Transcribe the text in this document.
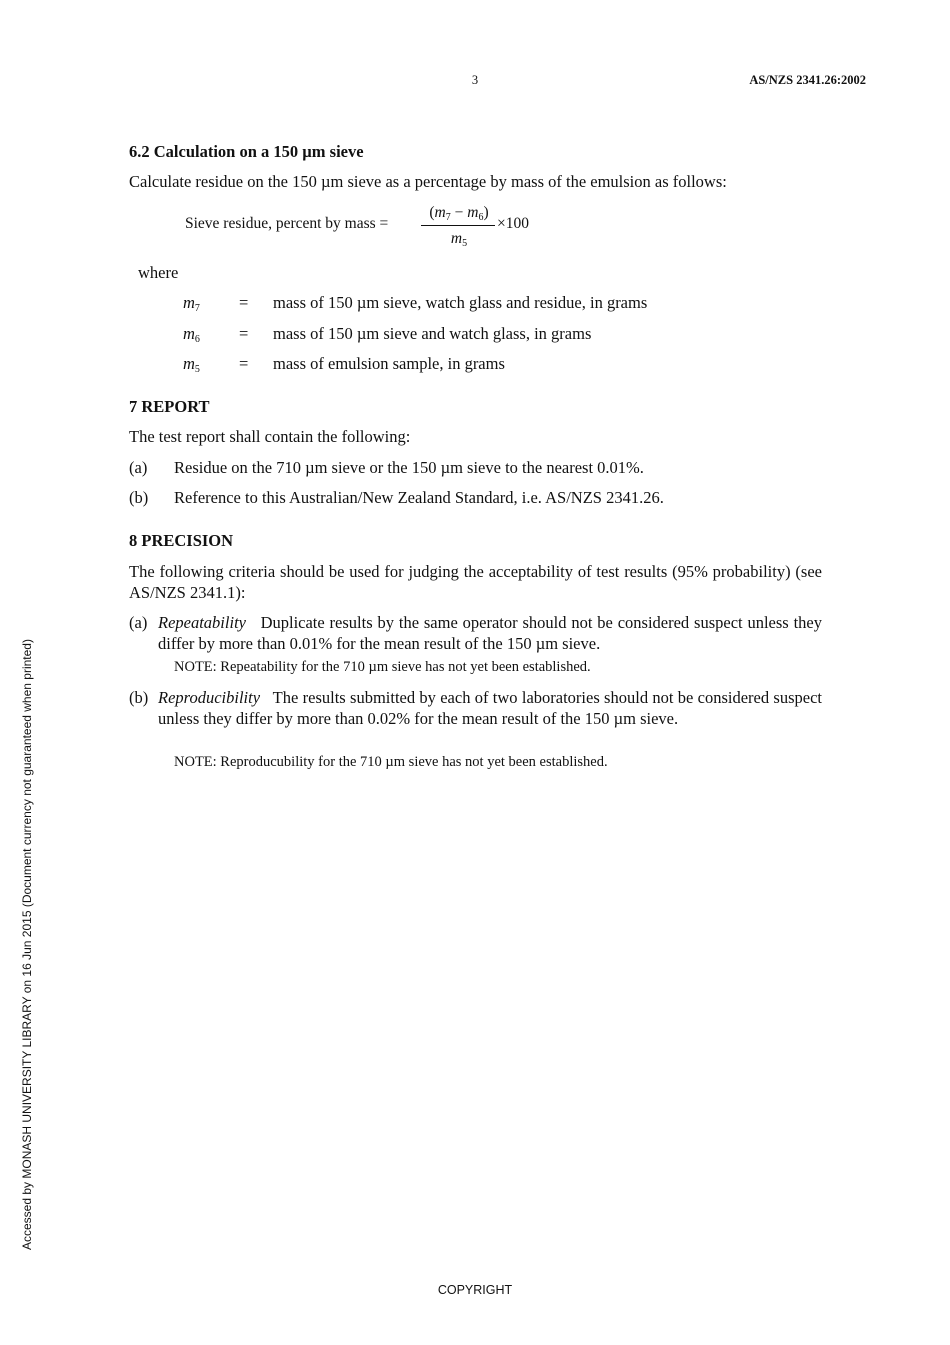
3	AS/NZS 2341.26:2002
6.2 Calculation on a 150 µm sieve
Calculate residue on the 150 µm sieve as a percentage by mass of the emulsion as follows:
Sieve residue, percent by mass =
$(m_7 - m_6)$
$m_5$
×100
where
$m_7$ = mass of 150 µm sieve, watch glass and residue, in grams
$m_6$ = mass of 150 µm sieve and watch glass, in grams
$m_5$ = mass of emulsion sample, in grams
7 REPORT
The test report shall contain the following:
(a) Residue on the 710 µm sieve or the 150 µm sieve to the nearest 0.01%.
(b) Reference to this Australian/New Zealand Standard, i.e. AS/NZS 2341.26.
8 PRECISION
The following criteria should be used for judging the acceptability of test results (95% probability) (see AS/NZS 2341.1):
(a) Repeatability Duplicate results by the same operator should not be considered suspect unless they differ by more than 0.01% for the mean result of the 150 µm sieve.
NOTE: Repeatability for the 710 µm sieve has not yet been established.
(b) Reproducibility The results submitted by each of two laboratories should not be considered suspect unless they differ by more than 0.02% for the mean result of the 150 µm sieve.
NOTE: Reproducubility for the 710 µm sieve has not yet been established.
Accessed by MONASH UNIVERSITY LIBRARY on 16 Jun 2015 (Document currency not guaranteed when printed)
COPYRIGHT
